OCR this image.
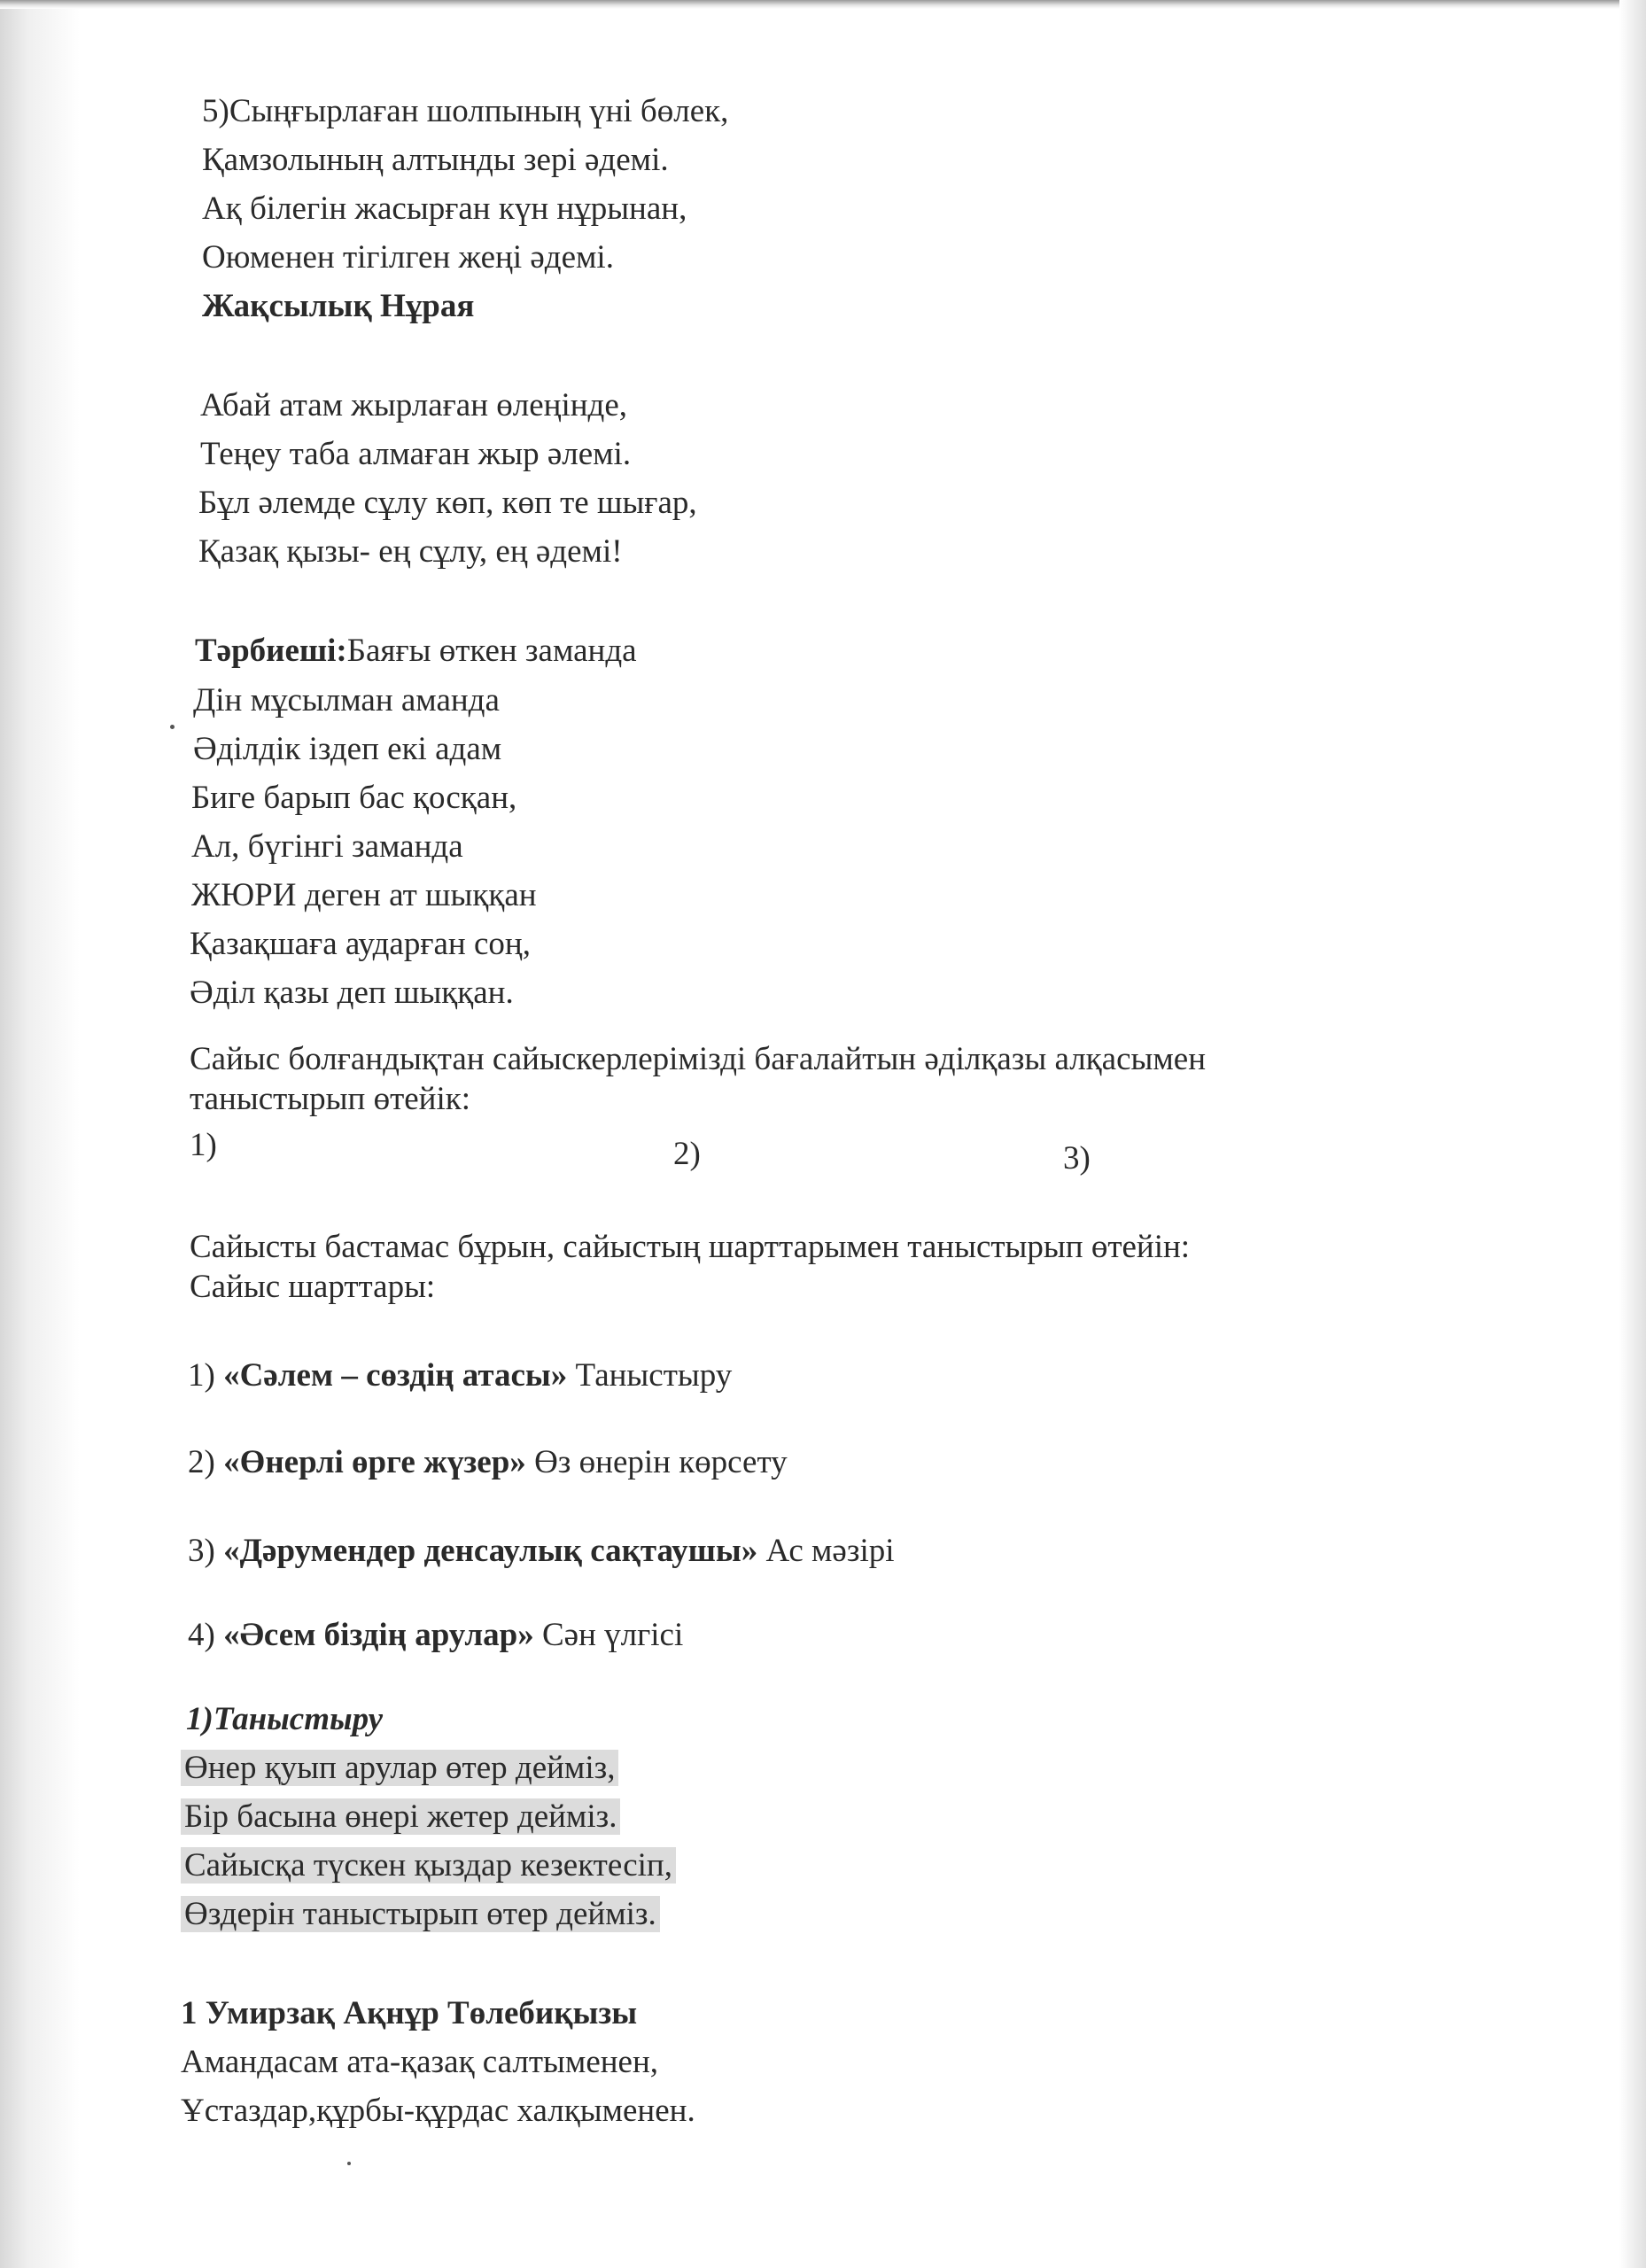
5)Сыңғырлаған шолпының үні бөлек,
Қамзолының алтынды зері әдемі.
Ақ білегін жасырған күн нұрынан,
Оюменен тігілген жеңі әдемі.
Жақсылық Нұрая
Абай атам жырлаған өлеңінде,
Теңеу таба алмаған жыр әлемі.
Бұл әлемде сұлу көп, көп те шығар,
Қазақ қызы- ең сұлу, ең әдемі!
Тәрбиеші:Баяғы өткен заманда
Дін мұсылман аманда
Әділдік іздеп екі адам
Биге барып бас қосқан,
Ал, бүгінгі заманда
ЖЮРИ деген ат шыққан
Қазақшаға аударған соң,
Әділ қазы деп шыққан.
Сайыс болғандықтан сайыскерлерімізді бағалайтын әділқазы алқасымен
таныстырып өтейік:
1)	2)	3)
Сайысты бастамас бұрын, сайыстың шарттарымен таныстырып өтейін:
Сайыс шарттары:
1) «Сәлем – сөздің атасы» Таныстыру
2) «Өнерлі өрге жүзер» Өз өнерін көрсету
3) «Дәрумендер денсаулық сақтаушы» Ас мәзірі
4) «Әсем біздің арулар» Сән үлгісі
1)Таныстыру
Өнер қуып арулар өтер дейміз,
Бір басына өнері жетер дейміз.
Сайысқа түскен қыздар кезектесіп,
Өздерін таныстырып өтер дейміз.
1 Умирзақ Ақнұр Төлебиқызы
Амандасам ата-қазақ салтыменен,
Ұстаздар,құрбы-құрдас халқыменен.
